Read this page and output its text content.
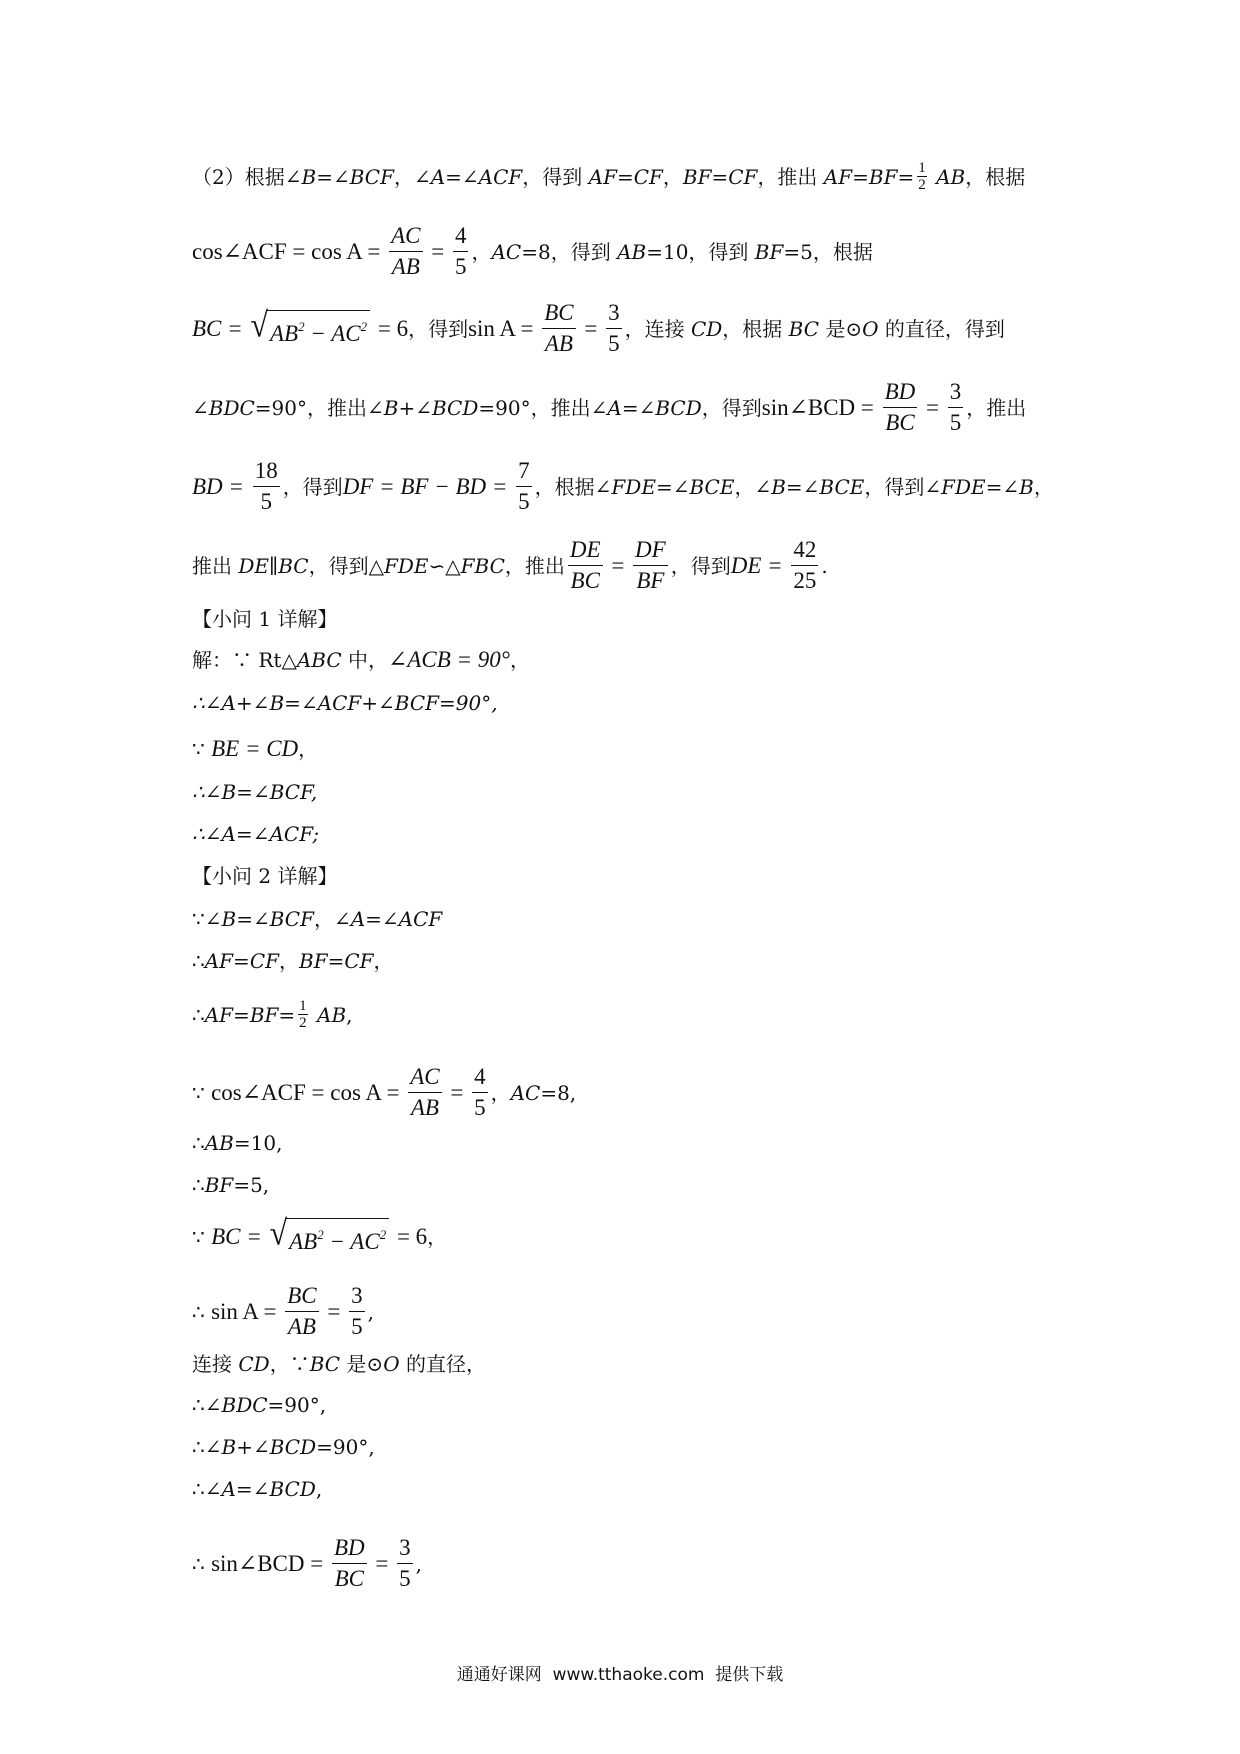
（2）根据 ∠B=∠BCF ， ∠A=∠ACF ，得到 AF=CF ， BF=CF ，推出 $AF=BF= \frac{1}{2}$ AB ，根据
cos∠ACF = $\cos A = \frac{AC}{AB} = \frac{4}{5}$ ， AC =8，得到 AB =10，得到 BF =5，根据
BC = √ $AB^2 - AC^2 = 6$ ，得到 $\sin A = \frac{BC}{AB} = \frac{3}{5}$ ，连接 CD ，根据 BC 是⊙ O 的直径，得到
∠BDC =90°，推出 ∠B+∠BCD =90°，推出 ∠A=∠BCD ，得到 sin∠BCD = $\frac{BD}{BC} = \frac{3}{5}$ ，推出
BD = $\frac{18}{5}$ ，得到 DF = BF − BD = $\frac{7}{5}$ ，根据 ∠FDE=∠BCE ， ∠B=∠BCE ，得到 ∠FDE=∠B ，
推出 DE∥BC ，得到 △FDE∽△FBC ，推出 $\frac{DE}{BC} = \frac{DF}{BF}$ ，得到 DE = $\frac{42}{25}$ .
【小问 1 详解】
解：∵ Rt△ ABC 中， ∠ACB = 90° ，
∴∠A+∠B=∠ACF+∠BCF=90°,
∵ BE = CD ，
∴∠B=∠BCF,
∴∠A=∠ACF;
【小问 2 详解】
∵ ∠B=∠BCF ， ∠A=∠ACF
∴ AF=CF ， BF=CF ，
∴ $AF=BF= \frac{1}{2}$ AB ,
∵ cos∠ACF = $\cos A = \frac{AC}{AB} = \frac{4}{5}$ ， AC =8,
∴ AB =10,
∴ BF =5,
∵ BC = √ $AB^2 - AC^2 = 6$ ，
∴ $\sin A = \frac{BC}{AB} = \frac{3}{5}$ ,
连接 CD ，∵ BC 是⊙ O 的直径，
∴ ∠BDC =90°,
∴ ∠B+∠BCD =90°,
∴ ∠A=∠BCD ,
∴ sin∠BCD = $\frac{BD}{BC} = \frac{3}{5}$ ,
通通好课网  www.tthaoke.com  提供下载
